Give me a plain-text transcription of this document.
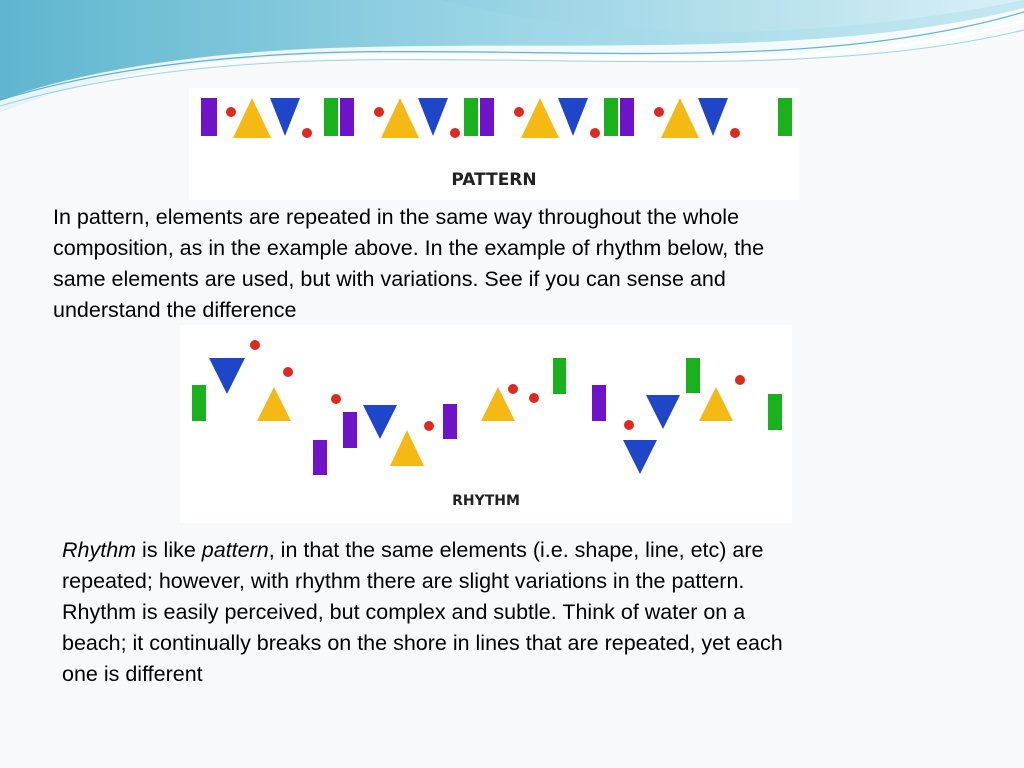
PATTERN
In pattern, elements are repeated in the same way throughout the whole
composition, as in the example above. In the example of rhythm below, the
same elements are used, but with variations. See if you can sense and
understand the difference
RHYTHM
Rhythm is like pattern, in that the same elements (i.e. shape, line, etc) are
repeated; however, with rhythm there are slight variations in the pattern.
Rhythm is easily perceived, but complex and subtle. Think of water on a
beach; it continually breaks on the shore in lines that are repeated, yet each
one is different
